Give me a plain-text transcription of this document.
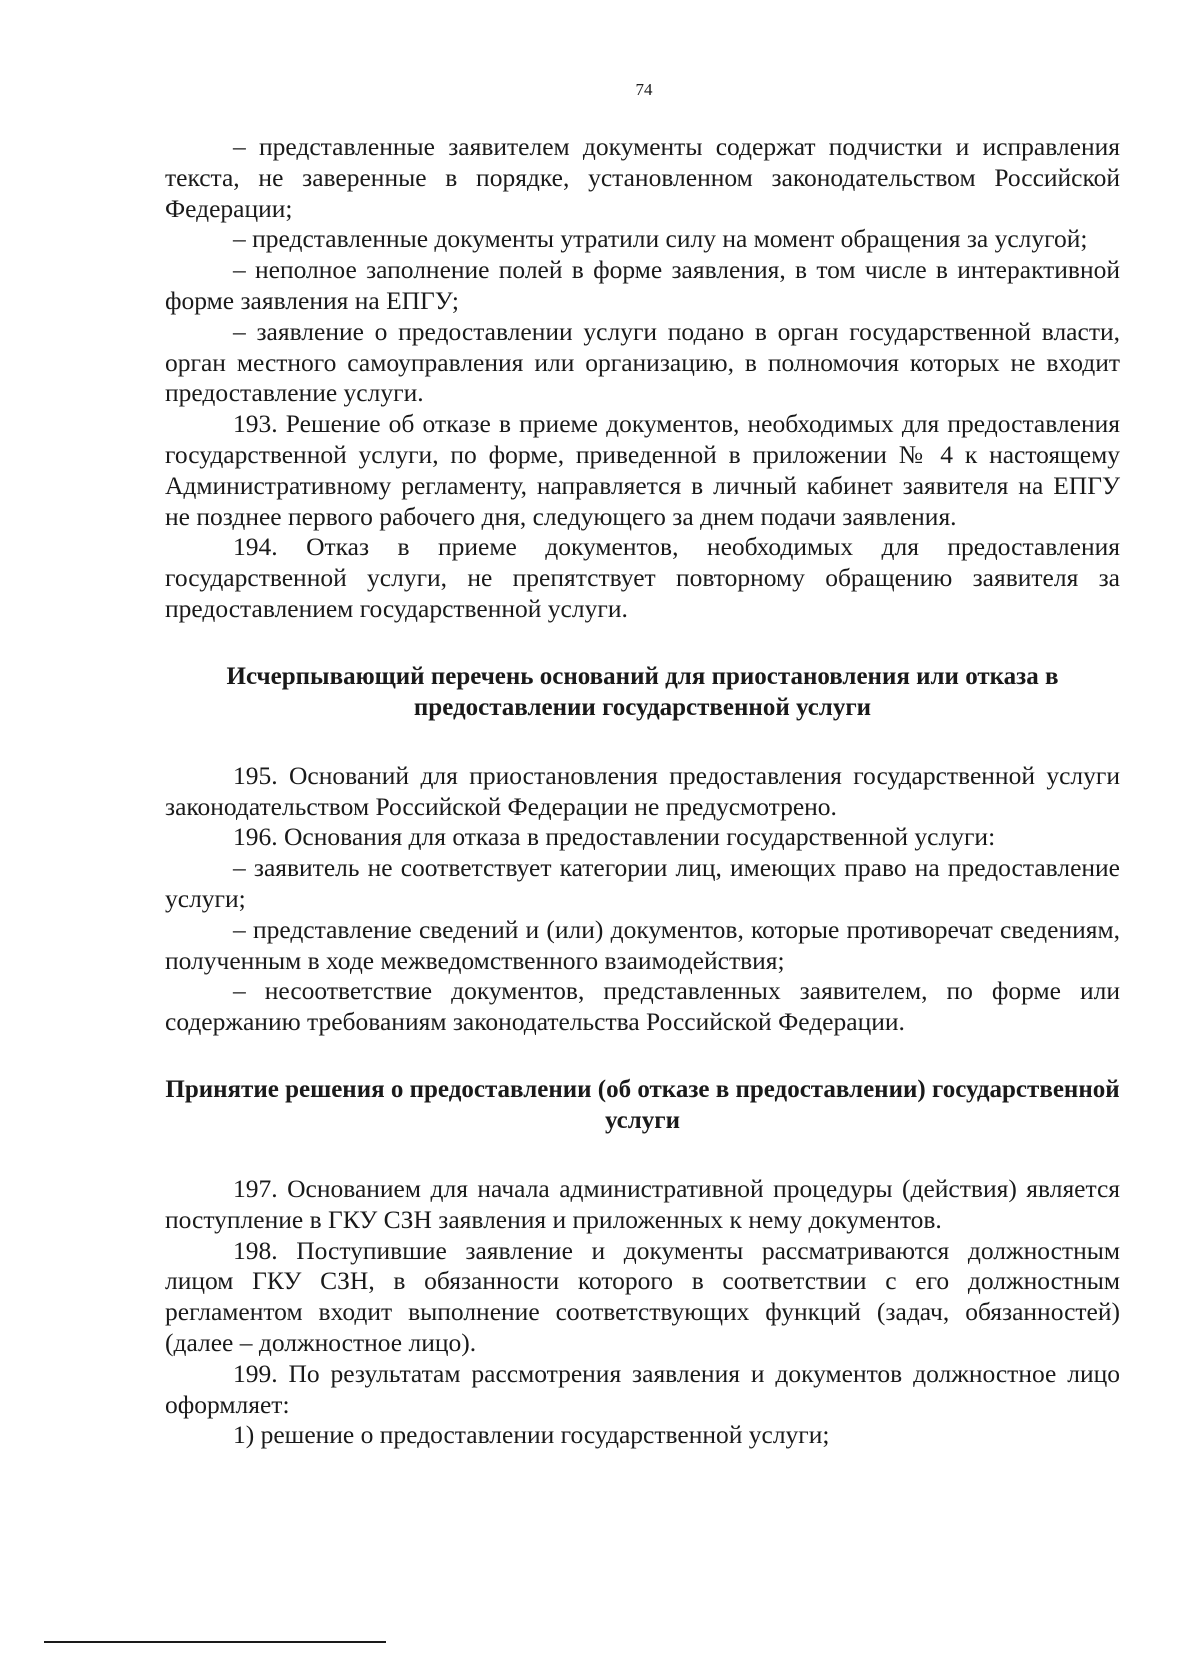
74

– представленные заявителем документы содержат подчистки и исправления текста, не заверенные в порядке, установленном законодательством Российской Федерации;

– представленные документы утратили силу на момент обращения за услугой;

– неполное заполнение полей в форме заявления, в том числе в интерактивной форме заявления на ЕПГУ;

– заявление о предоставлении услуги подано в орган государственной власти, орган местного самоуправления или организацию, в полномочия которых не входит предоставление услуги.

193. Решение об отказе в приеме документов, необходимых для предоставления государственной услуги, по форме, приведенной в приложении № 4 к настоящему Административному регламенту, направляется в личный кабинет заявителя на ЕПГУ не позднее первого рабочего дня, следующего за днем подачи заявления.

194. Отказ в приеме документов, необходимых для предоставления государственной услуги, не препятствует повторному обращению заявителя за предоставлением государственной услуги.

Исчерпывающий перечень оснований для приостановления или отказа в предоставлении государственной услуги

195. Оснований для приостановления предоставления государственной услуги законодательством Российской Федерации не предусмотрено.

196. Основания для отказа в предоставлении государственной услуги:

– заявитель не соответствует категории лиц, имеющих право на предоставление услуги;

– представление сведений и (или) документов, которые противоречат сведениям, полученным в ходе межведомственного взаимодействия;

– несоответствие документов, представленных заявителем, по форме или содержанию требованиям законодательства Российской Федерации.

Принятие решения о предоставлении (об отказе в предоставлении) государственной услуги

197. Основанием для начала административной процедуры (действия) является поступление в ГКУ СЗН заявления и приложенных к нему документов.

198. Поступившие заявление и документы рассматриваются должностным лицом ГКУ СЗН, в обязанности которого в соответствии с его должностным регламентом входит выполнение соответствующих функций (задач, обязанностей) (далее – должностное лицо).

199. По результатам рассмотрения заявления и документов должностное лицо оформляет:

1) решение о предоставлении государственной услуги;
